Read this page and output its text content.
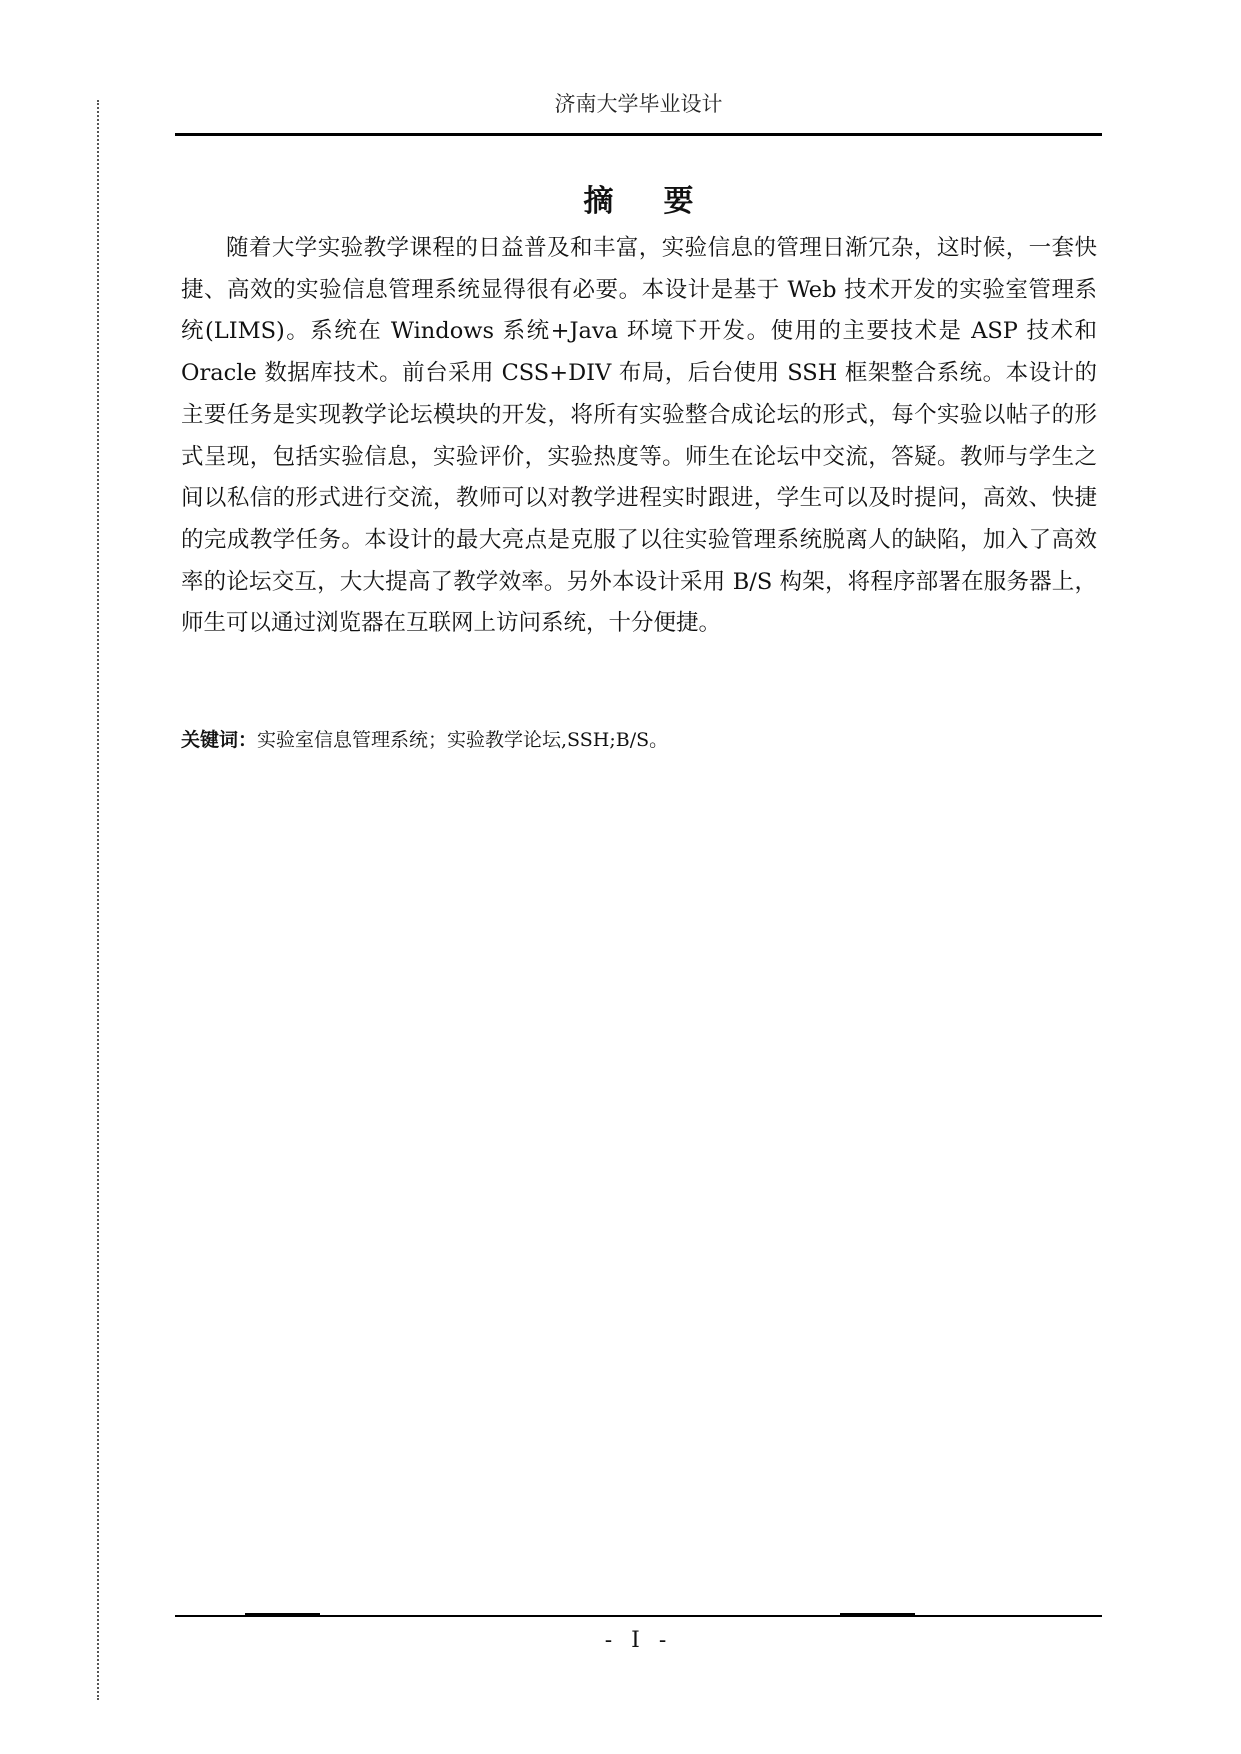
济南大学毕业设计
摘要

随着大学实验教学课程的日益普及和丰富，实验信息的管理日渐冗杂，这时候，一套快捷、高效的实验信息管理系统显得很有必要。本设计是基于 Web 技术开发的实验室管理系统(LIMS)。系统在 Windows 系统+Java 环境下开发。使用的主要技术是 ASP 技术和 Oracle 数据库技术。前台采用 CSS+DIV 布局，后台使用 SSH 框架整合系统。本设计的主要任务是实现教学论坛模块的开发，将所有实验整合成论坛的形式，每个实验以帖子的形式呈现，包括实验信息，实验评价，实验热度等。师生在论坛中交流，答疑。教师与学生之间以私信的形式进行交流，教师可以对教学进程实时跟进，学生可以及时提问，高效、快捷的完成教学任务。本设计的最大亮点是克服了以往实验管理系统脱离人的缺陷，加入了高效率的论坛交互，大大提高了教学效率。另外本设计采用 B/S 构架，将程序部署在服务器上，师生可以通过浏览器在互联网上访问系统，十分便捷。

关键词：实验室信息管理系统；实验教学论坛,SSH;B/S。

- I -
